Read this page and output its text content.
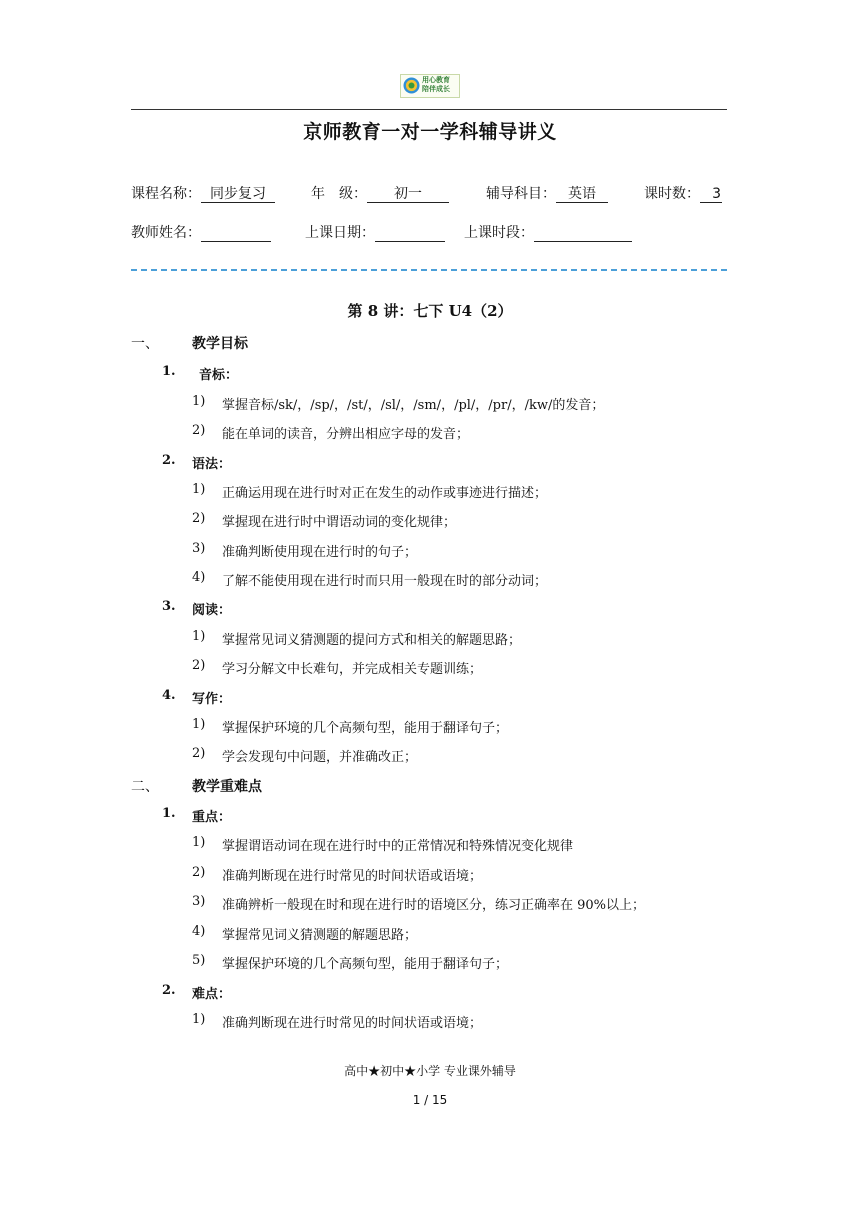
用心教育
陪伴成长
京师教育一对一学科辅导讲义
课程名称： 同步复习	年　级： 初一	辅导科目： 英语	课时数： 3
教师姓名：	上课日期：	上课时段：
第 8 讲：七下 U4（2）
一、 教学目标
1. 音标：
1) 掌握音标/sk/，/sp/，/st/，/sl/，/sm/，/pl/，/pr/，/kw/的发音；
2) 能在单词的读音，分辨出相应字母的发音；
2. 语法：
1) 正确运用现在进行时对正在发生的动作或事迹进行描述；
2) 掌握现在进行时中谓语动词的变化规律；
3) 准确判断使用现在进行时的句子；
4) 了解不能使用现在进行时而只用一般现在时的部分动词；
3. 阅读：
1) 掌握常见词义猜测题的提问方式和相关的解题思路；
2) 学习分解文中长难句，并完成相关专题训练；
4. 写作：
1) 掌握保护环境的几个高频句型，能用于翻译句子；
2) 学会发现句中问题，并准确改正；
二、 教学重难点
1. 重点：
1) 掌握谓语动词在现在进行时中的正常情况和特殊情况变化规律
2) 准确判断现在进行时常见的时间状语或语境；
3) 准确辨析一般现在时和现在进行时的语境区分，练习正确率在 90%以上；
4) 掌握常见词义猜测题的解题思路；
5) 掌握保护环境的几个高频句型，能用于翻译句子；
2. 难点：
1) 准确判断现在进行时常见的时间状语或语境；
高中★初中★小学 专业课外辅导
1 / 15
